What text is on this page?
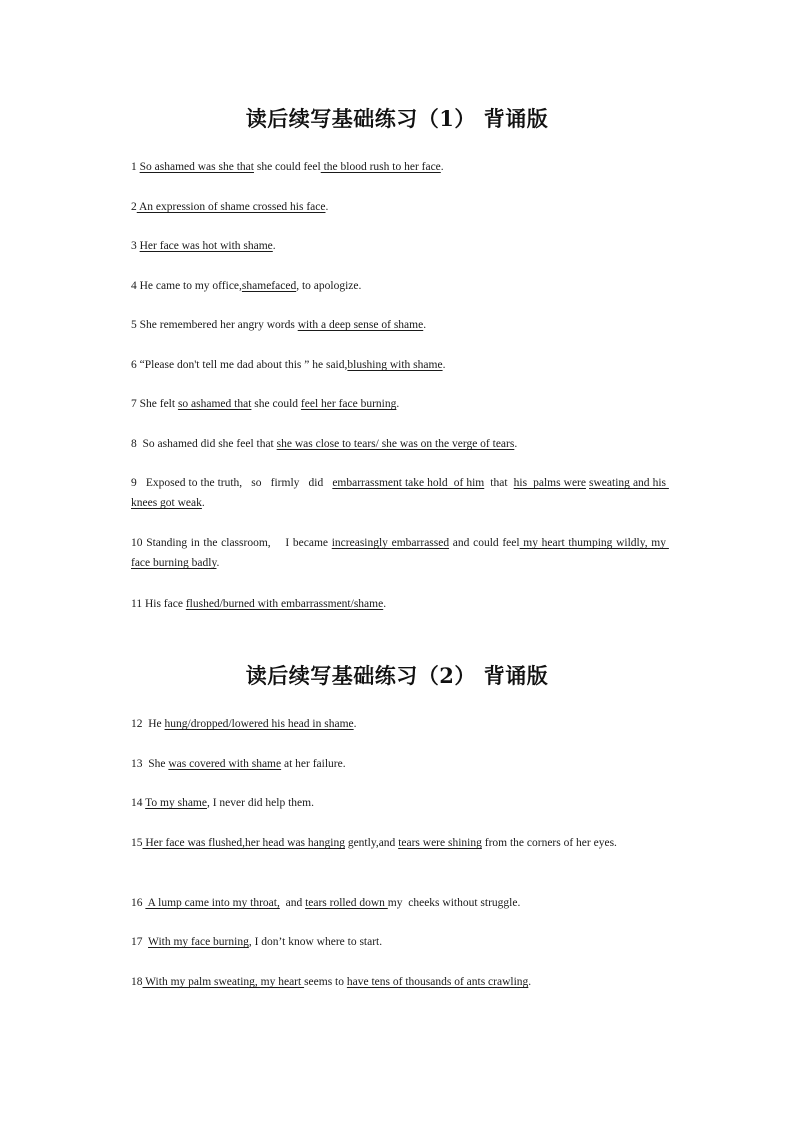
读后续写基础练习（1） 背诵版
1 So ashamed was she that she could feel the blood rush to her face.
2 An expression of shame crossed his face.
3 Her face was hot with shame.
4 He came to my office,shamefaced, to apologize.
5 She remembered her angry words with a deep sense of shame.
6 “Please don't tell me dad about this ” he said,blushing with shame.
7 She felt so ashamed that she could feel her face burning.
8  So ashamed did she feel that she was close to tears/ she was on the verge of tears.
9   Exposed to the truth,   so   firmly   did   embarrassment take hold  of him  that  his  palms were sweating and his knees got weak.
10 Standing in the classroom,    I became increasingly embarrassed and could feel my heart thumping wildly, my face burning badly.
11 His face flushed/burned with embarrassment/shame.
读后续写基础练习（2） 背诵版
12  He hung/dropped/lowered his head in shame.
13  She was covered with shame at her failure.
14 To my shame, I never did help them.
15 Her face was flushed,her head was hanging gently,and tears were shining from the corners of her eyes.
16  A lump came into my throat,  and tears rolled down my  cheeks without struggle.
17  With my face burning, I don’t know where to start.
18 With my palm sweating, my heart seems to have tens of thousands of ants crawling.
